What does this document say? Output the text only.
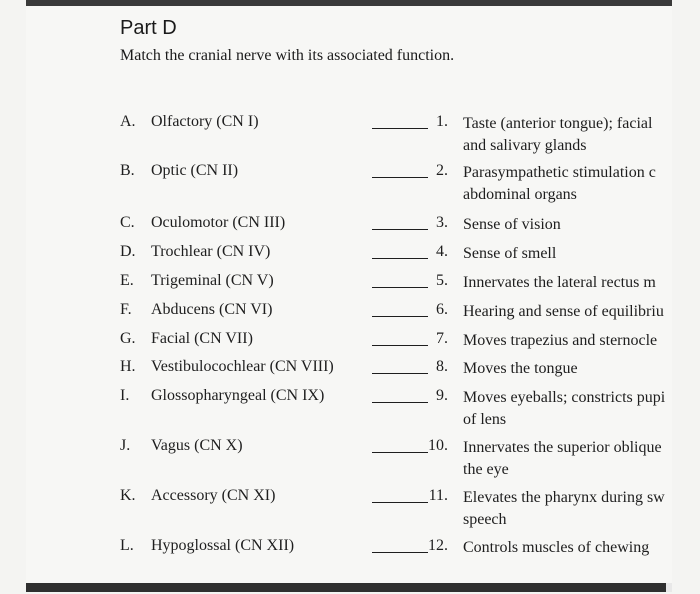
Part D
Match the cranial nerve with its associated function.
A. Olfactory (CN I)	1. Taste (anterior tongue); facial
and salivary glands
B. Optic (CN II)	2. Parasympathetic stimulation c
abdominal organs
C. Oculomotor (CN III)	3. Sense of vision
D. Trochlear (CN IV)	4. Sense of smell
E. Trigeminal (CN V)	5. Innervates the lateral rectus m
F. Abducens (CN VI)	6. Hearing and sense of equilibriu
G. Facial (CN VII)	7. Moves trapezius and sternocle
H. Vestibulocochlear (CN VIII)	8. Moves the tongue
I. Glossopharyngeal (CN IX)	9. Moves eyeballs; constricts pupi
of lens
J. Vagus (CN X)	10. Innervates the superior oblique
the eye
K. Accessory (CN XI)	11. Elevates the pharynx during sw
speech
L. Hypoglossal (CN XII)	12. Controls muscles of chewing
